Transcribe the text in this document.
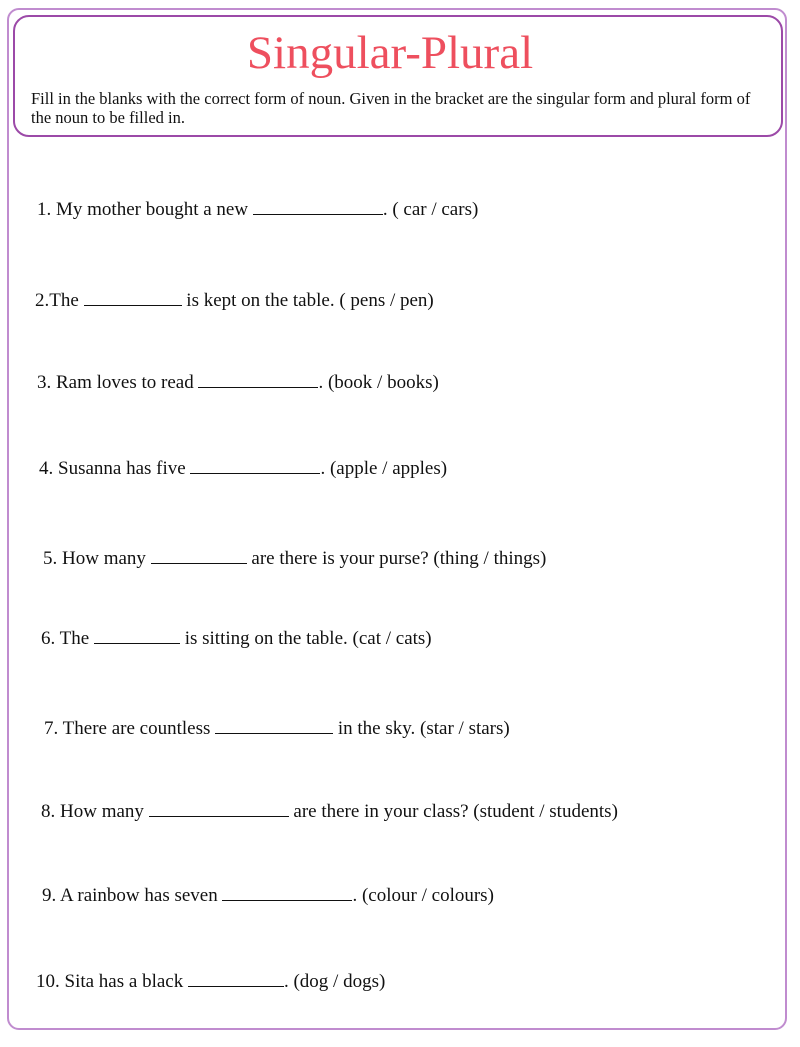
Singular-Plural

Fill in the blanks with the correct form of noun. Given in the bracket are the singular form and plural form of the noun to be filled in.

1. My mother bought a new	. ( car / cars)

2.The	is kept on the table. ( pens / pen)

3. Ram loves to read	. (book / books)

4. Susanna has five	. (apple / apples)

5. How many	are there is your purse? (thing / things)

6. The	is sitting on the table. (cat / cats)

7. There are countless	in the sky. (star / stars)

8. How many	are there in your class? (student / students)

9. A rainbow has seven	. (colour / colours)

10. Sita has a black	. (dog / dogs)
